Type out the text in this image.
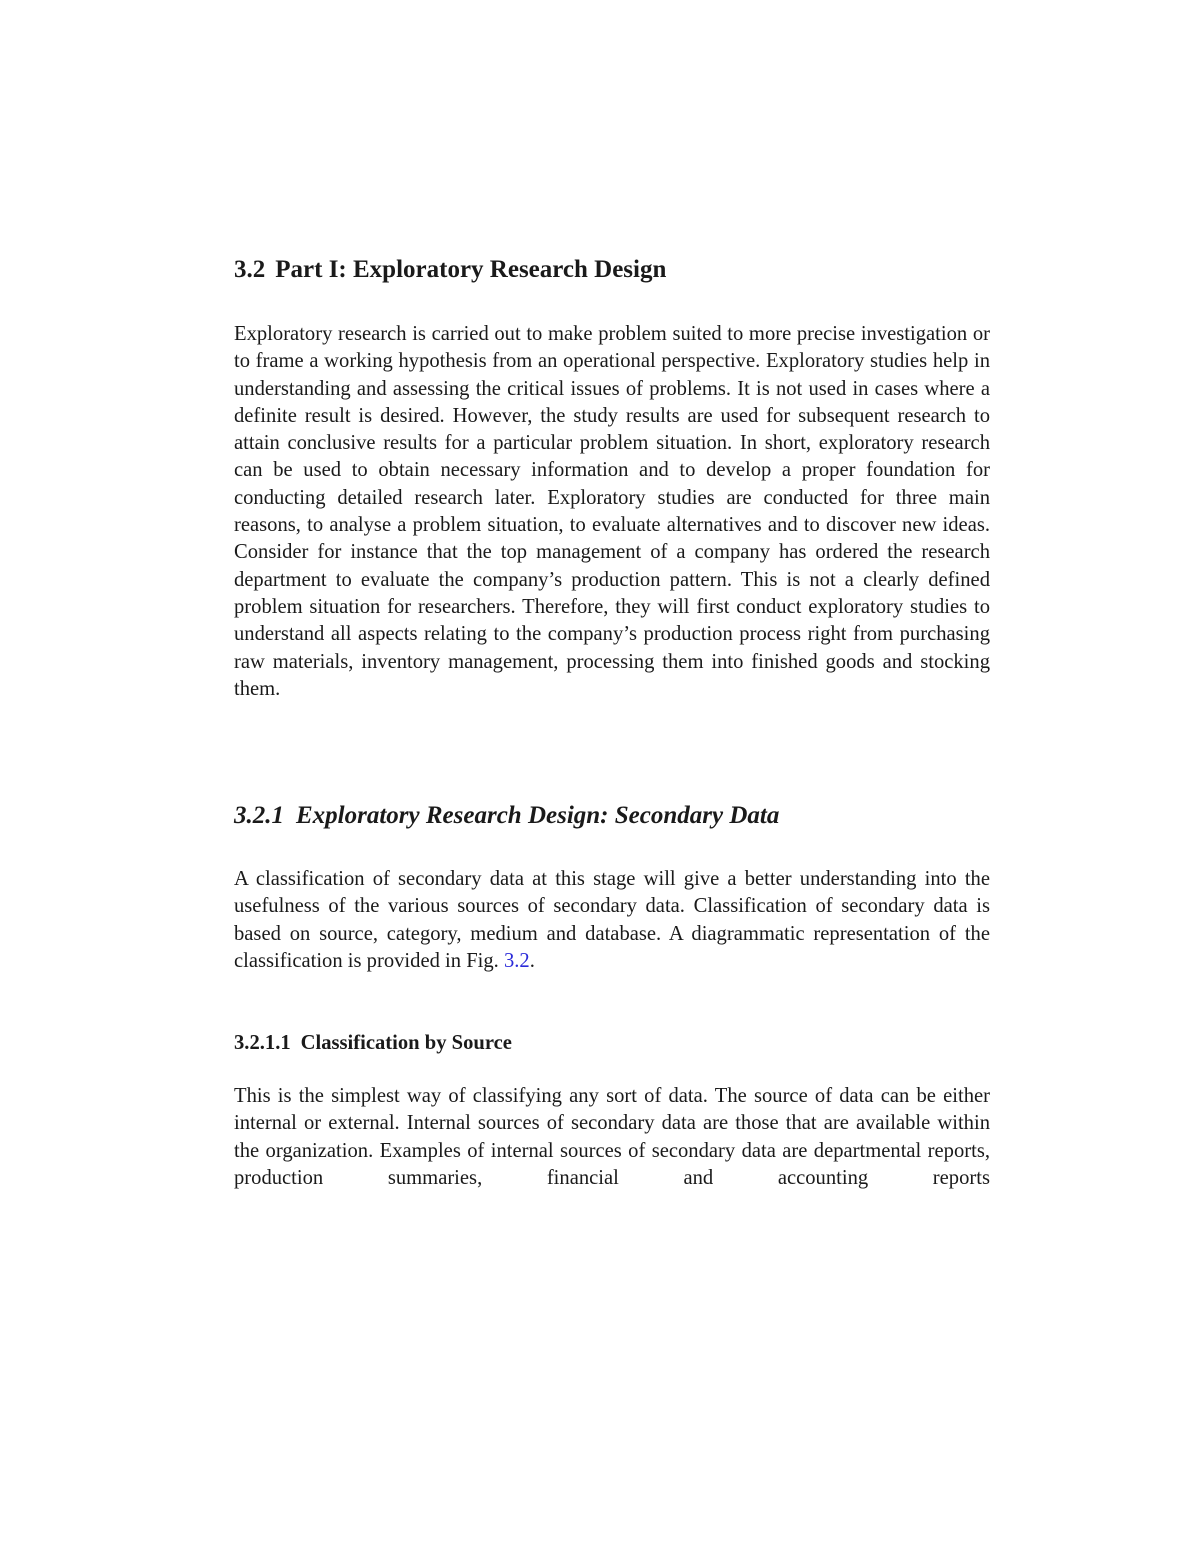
3.2 Part I: Exploratory Research Design

Exploratory research is carried out to make problem suited to more precise investigation or to frame a working hypothesis from an operational perspective. Exploratory studies help in understanding and assessing the critical issues of problems. It is not used in cases where a definite result is desired. However, the study results are used for subsequent research to attain conclusive results for a particular problem situation. In short, exploratory research can be used to obtain necessary information and to develop a proper foundation for conducting detailed research later. Exploratory studies are conducted for three main reasons, to analyse a problem situation, to evaluate alternatives and to discover new ideas. Consider for instance that the top management of a company has ordered the research department to evaluate the company’s production pattern. This is not a clearly defined problem situation for researchers. Therefore, they will first conduct exploratory studies to understand all aspects relating to the company’s production process right from purchasing raw materials, inventory management, processing them into finished goods and stocking them.

3.2.1 Exploratory Research Design: Secondary Data

A classification of secondary data at this stage will give a better understanding into the usefulness of the various sources of secondary data. Classification of secondary data is based on source, category, medium and database. A diagrammatic representation of the classification is provided in Fig. 3.2.

3.2.1.1 Classification by Source

This is the simplest way of classifying any sort of data. The source of data can be either internal or external. Internal sources of secondary data are those that are available within the organization. Examples of internal sources of secondary data are departmental reports, production summaries, financial and accounting reports
